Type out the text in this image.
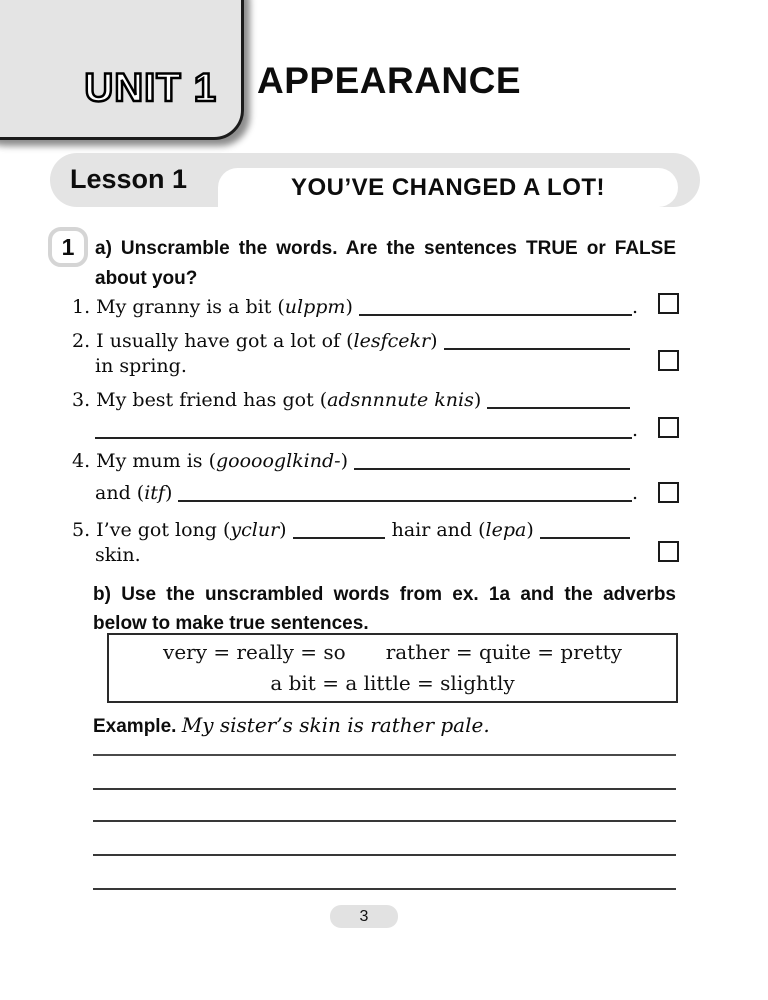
UNIT 1 APPEARANCE
Lesson 1	YOU’VE CHANGED A LOT!
1 a) Unscramble the words. Are the sentences TRUE or FALSE
about you?
1. My granny is a bit ( ulppm )	.
2. I usually have got a lot of ( lesfcekr )
in spring.
3. My best friend has got ( adsnnnute knis )
.
4. My mum is ( gooooglkind- )
and ( itf )	.
5. I’ve got long ( yclur )	hair and ( lepa )
skin.
b) Use the unscrambled words from ex. 1a and the adverbs
below to make true sentences.
very = really = so rather = quite = pretty
a bit = a little = slightly
Example. My sister’s skin is rather pale.
3
